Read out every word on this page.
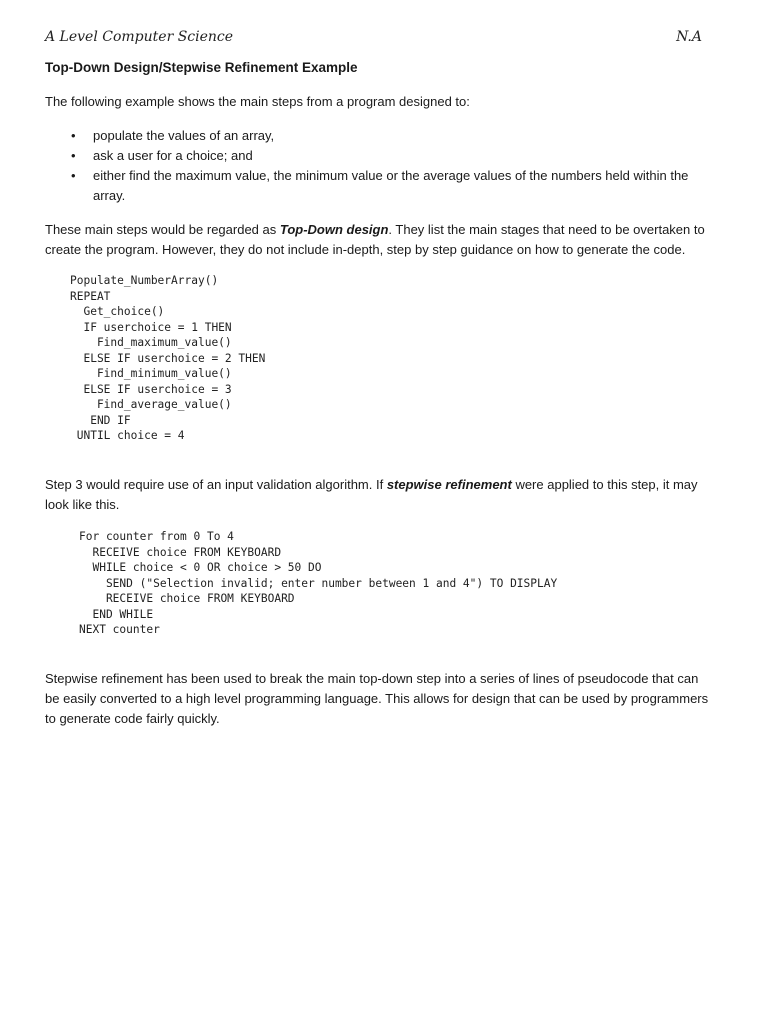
A Level Computer Science	N.A
Top-Down Design/Stepwise Refinement Example
The following example shows the main steps from a program designed to:
• populate the values of an array,
• ask a user for a choice; and
• either find the maximum value, the minimum value or the average values of the numbers held within the array.
These main steps would be regarded as Top-Down design. They list the main stages that need to be overtaken to create the program. However, they do not include in-depth, step by step guidance on how to generate the code.
Populate_NumberArray()
REPEAT
Get_choice()
IF userchoice = 1 THEN
Find_maximum_value()
ELSE IF userchoice = 2 THEN
Find_minimum_value()
ELSE IF userchoice = 3
Find_average_value()
END IF
UNTIL choice = 4
Step 3 would require use of an input validation algorithm. If stepwise refinement were applied to this step, it may look like this.
For counter from 0 To 4
RECEIVE choice FROM KEYBOARD
WHILE choice < 0 OR choice > 50 DO
SEND ("Selection invalid; enter number between 1 and 4") TO DISPLAY
RECEIVE choice FROM KEYBOARD
END WHILE
NEXT counter
Stepwise refinement has been used to break the main top-down step into a series of lines of pseudocode that can be easily converted to a high level programming language. This allows for design that can be used by programmers to generate code fairly quickly.
